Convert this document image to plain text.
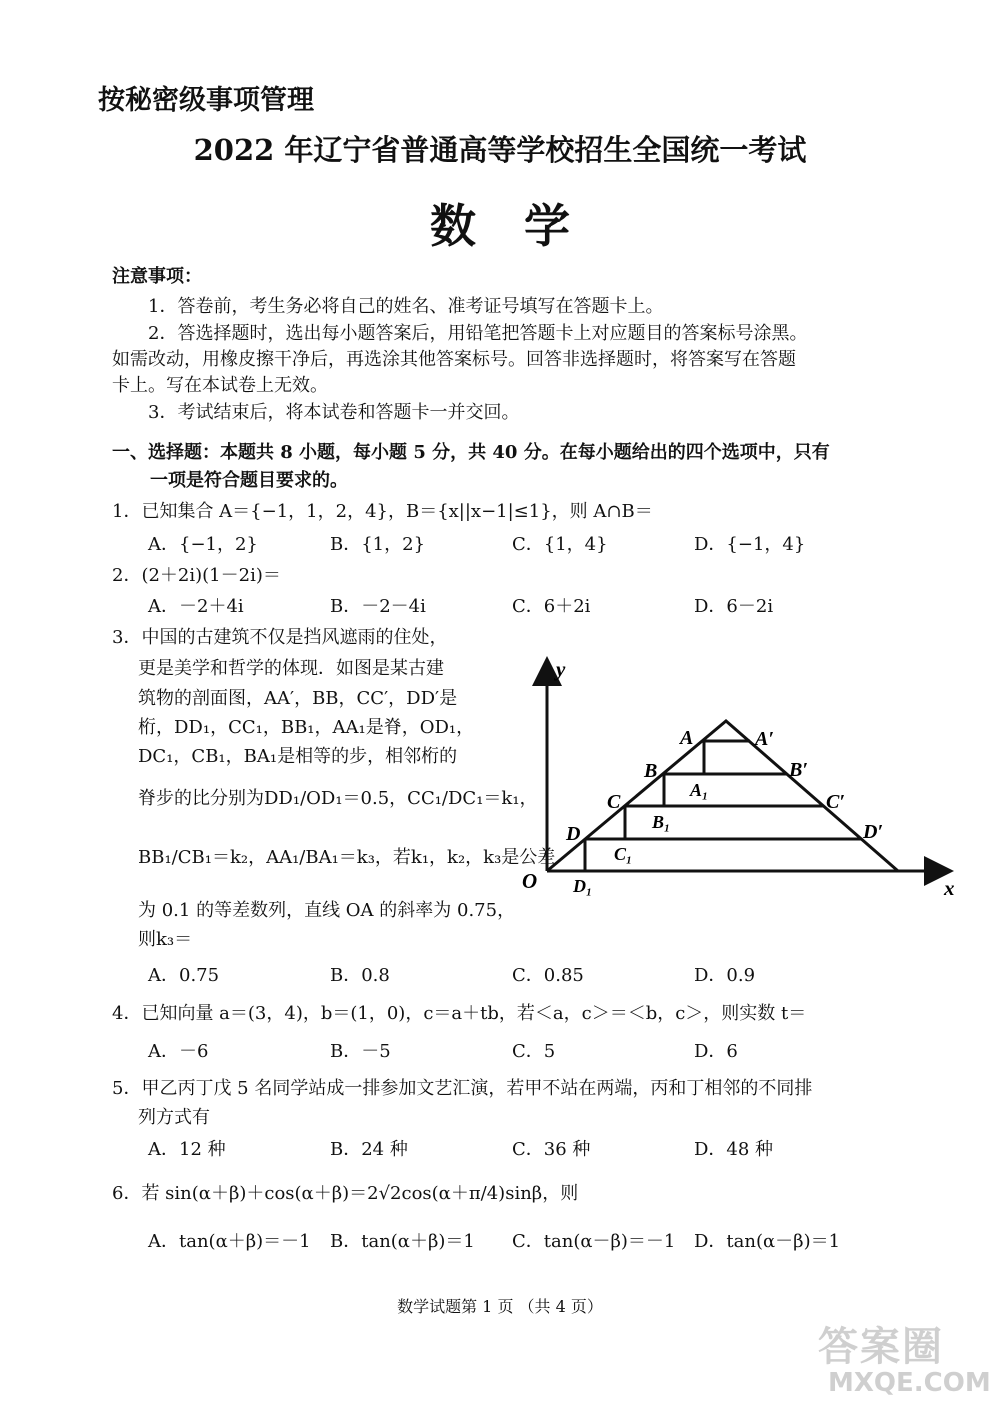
按秘密级事项管理
2022 年辽宁省普通高等学校招生全国统一考试
数学
注意事项：
1．答卷前，考生务必将自己的姓名、准考证号填写在答题卡上。
2．答选择题时，选出每小题答案后，用铅笔把答题卡上对应题目的答案标号涂黑。
如需改动，用橡皮擦干净后，再选涂其他答案标号。回答非选择题时，将答案写在答题
卡上。写在本试卷上无效。
3．考试结束后，将本试卷和答题卡一并交回。
一、选择题：本题共 8 小题，每小题 5 分，共 40 分。在每小题给出的四个选项中，只有
一项是符合题目要求的。
1．已知集合 A＝{−1，1，2，4}，B＝{x||x−1|≤1}，则 A∩B＝
A．{−1，2}	B．{1，2}	C．{1，4}	D．{−1，4}
2．(2＋2i)(1－2i)＝
A．－2＋4i	B．－2－4i	C．6＋2i	D．6－2i
3．中国的古建筑不仅是挡风遮雨的住处，
更是美学和哲学的体现．如图是某古建
筑物的剖面图，AA′，BB，CC′，DD′是
桁，DD₁，CC₁，BB₁，AA₁是脊，OD₁，
DC₁，CB₁，BA₁是相等的步，相邻桁的
脊步的比分别为DD₁/OD₁＝0.5，CC₁/DC₁＝k₁，
BB₁/CB₁＝k₂，AA₁/BA₁＝k₃，若k₁，k₂，k₃是公差
为 0.1 的等差数列，直线 OA 的斜率为 0.75，
则k₃＝
y
x
O
A	A′
B	B′
C	C′
D	D′
A₁
B₁
C₁
D₁
A．0.75	B．0.8	C．0.85	D．0.9
4．已知向量 a＝(3，4)，b＝(1，0)，c＝a＋tb，若＜a，c＞＝＜b，c＞，则实数 t＝
A．－6	B．－5	C．5	D．6
5．甲乙丙丁戊 5 名同学站成一排参加文艺汇演，若甲不站在两端，丙和丁相邻的不同排
列方式有
A．12 种	B．24 种	C．36 种	D．48 种
6．若 sin(α＋β)＋cos(α＋β)＝2√2cos(α＋π/4)sinβ，则
A．tan(α＋β)＝－1 B．tan(α＋β)＝1 C．tan(α－β)＝－1 D．tan(α－β)＝1
数学试题第 1 页 （共 4 页）
答案圈
MXQE.COM
